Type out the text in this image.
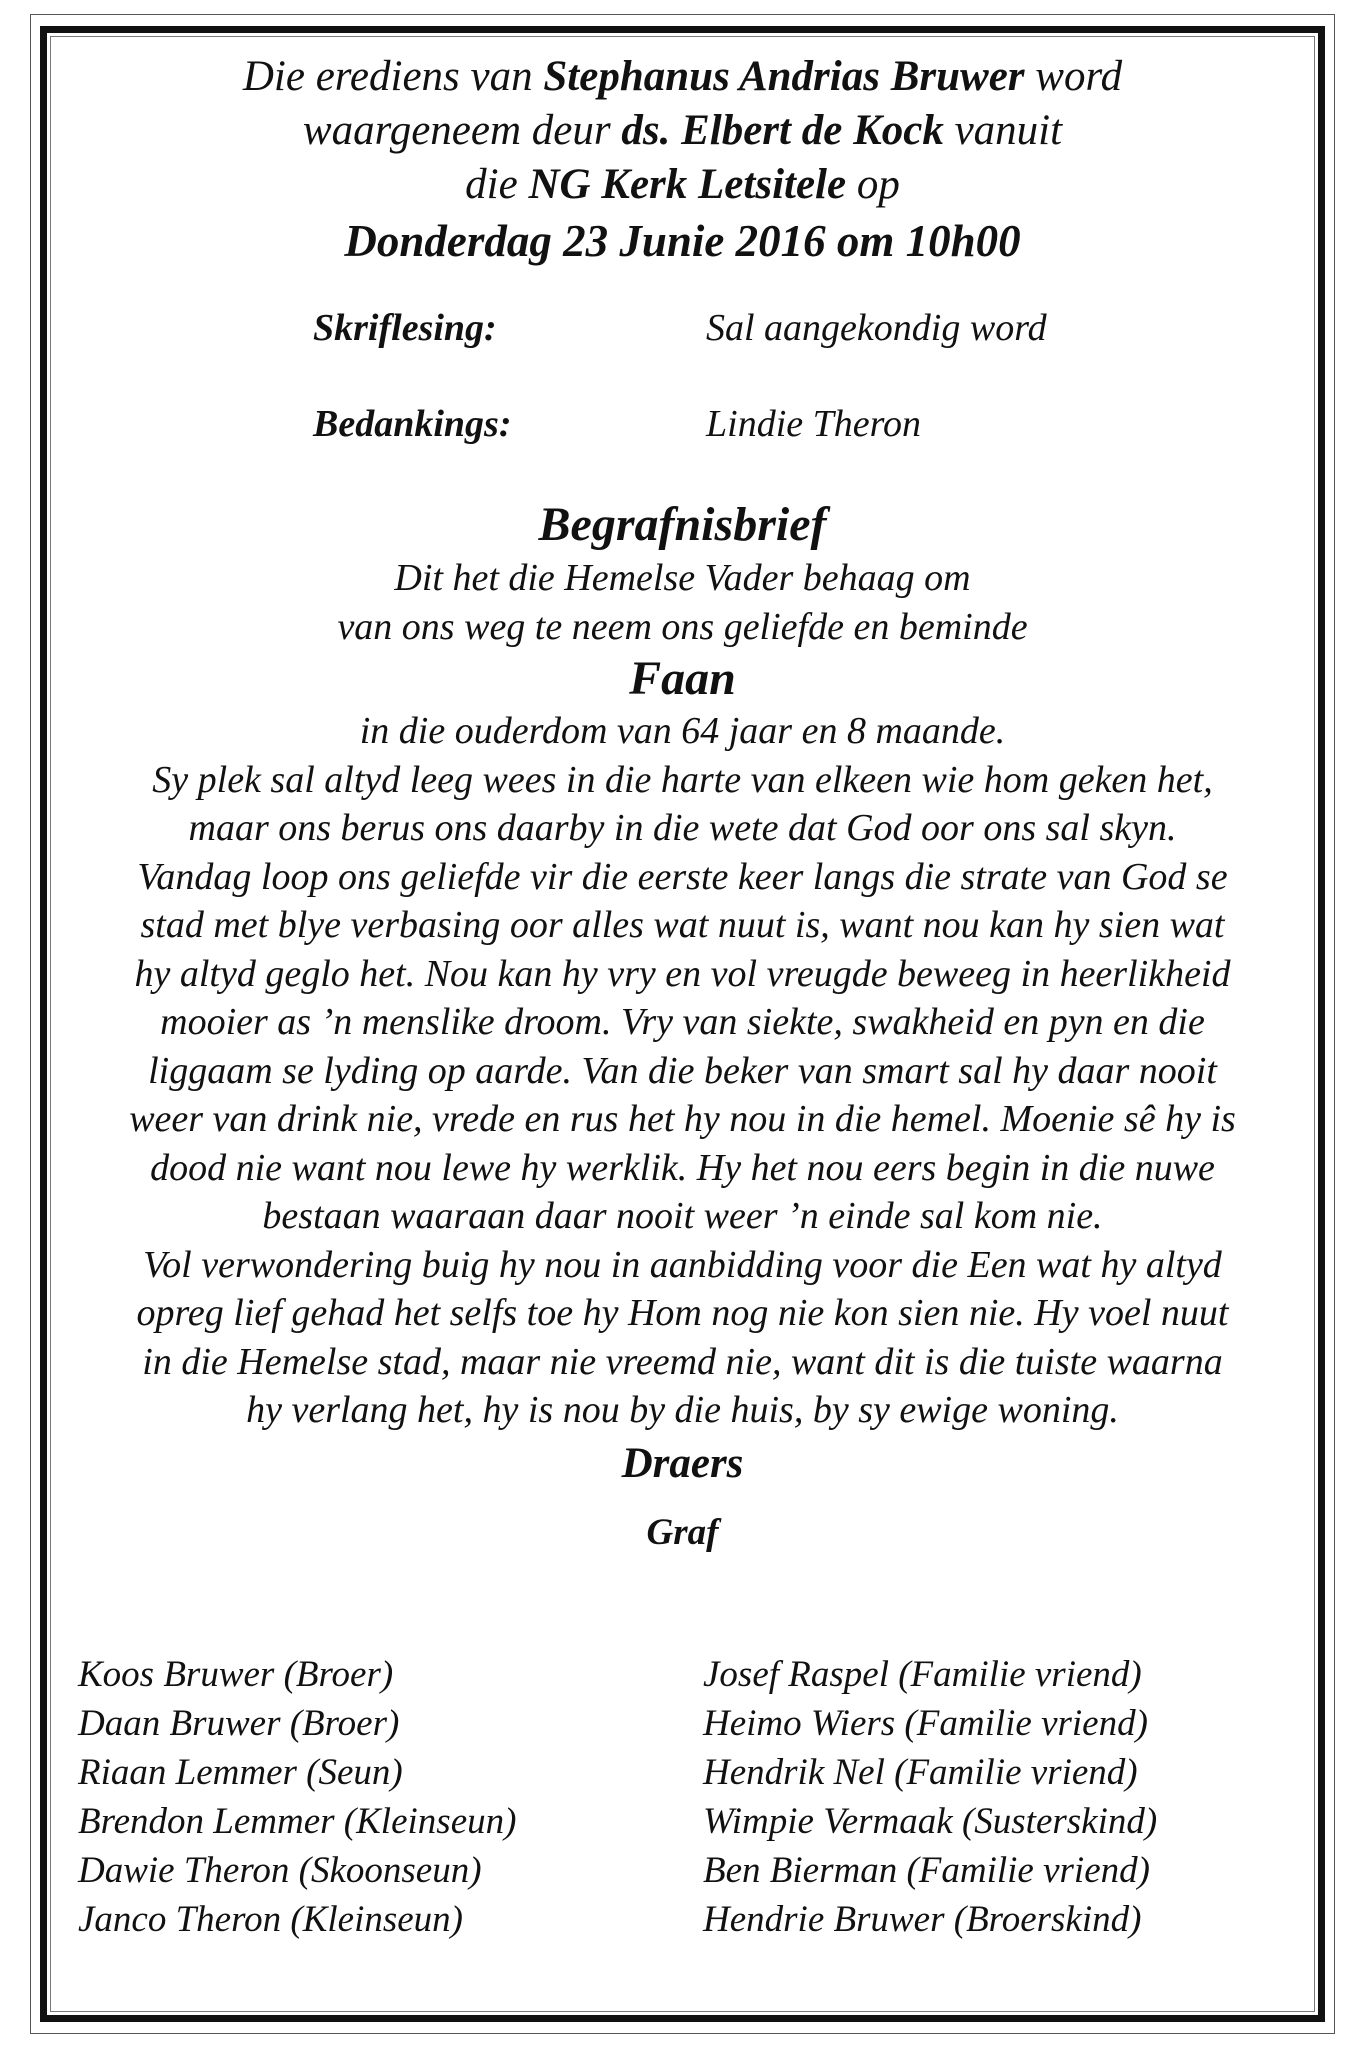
Die erediens van Stephanus Andrias Bruwer word
waargeneem deur ds. Elbert de Kock vanuit
die NG Kerk Letsitele op
Donderdag 23 Junie 2016 om 10h00
Skriflesing:	Sal aangekondig word
Bedankings:	Lindie Theron
Begrafnisbrief
Dit het die Hemelse Vader behaag om
van ons weg te neem ons geliefde en beminde
Faan
in die ouderdom van 64 jaar en 8 maande.
Sy plek sal altyd leeg wees in die harte van elkeen wie hom geken het,
maar ons berus ons daarby in die wete dat God oor ons sal skyn.
Vandag loop ons geliefde vir die eerste keer langs die strate van God se
stad met blye verbasing oor alles wat nuut is, want nou kan hy sien wat
hy altyd geglo het. Nou kan hy vry en vol vreugde beweeg in heerlikheid
mooier as ’n menslike droom. Vry van siekte, swakheid en pyn en die
liggaam se lyding op aarde. Van die beker van smart sal hy daar nooit
weer van drink nie, vrede en rus het hy nou in die hemel. Moenie sê hy is
dood nie want nou lewe hy werklik. Hy het nou eers begin in die nuwe
bestaan waaraan daar nooit weer ’n einde sal kom nie.
Vol verwondering buig hy nou in aanbidding voor die Een wat hy altyd
opreg lief gehad het selfs toe hy Hom nog nie kon sien nie. Hy voel nuut
in die Hemelse stad, maar nie vreemd nie, want dit is die tuiste waarna
hy verlang het, hy is nou by die huis, by sy ewige woning.
Draers
Graf
Koos Bruwer (Broer)
Daan Bruwer (Broer)
Riaan Lemmer (Seun)
Brendon Lemmer (Kleinseun)
Dawie Theron (Skoonseun)
Janco Theron (Kleinseun)
Josef Raspel (Familie vriend)
Heimo Wiers (Familie vriend)
Hendrik Nel (Familie vriend)
Wimpie Vermaak (Susterskind)
Ben Bierman (Familie vriend)
Hendrie Bruwer (Broerskind)
